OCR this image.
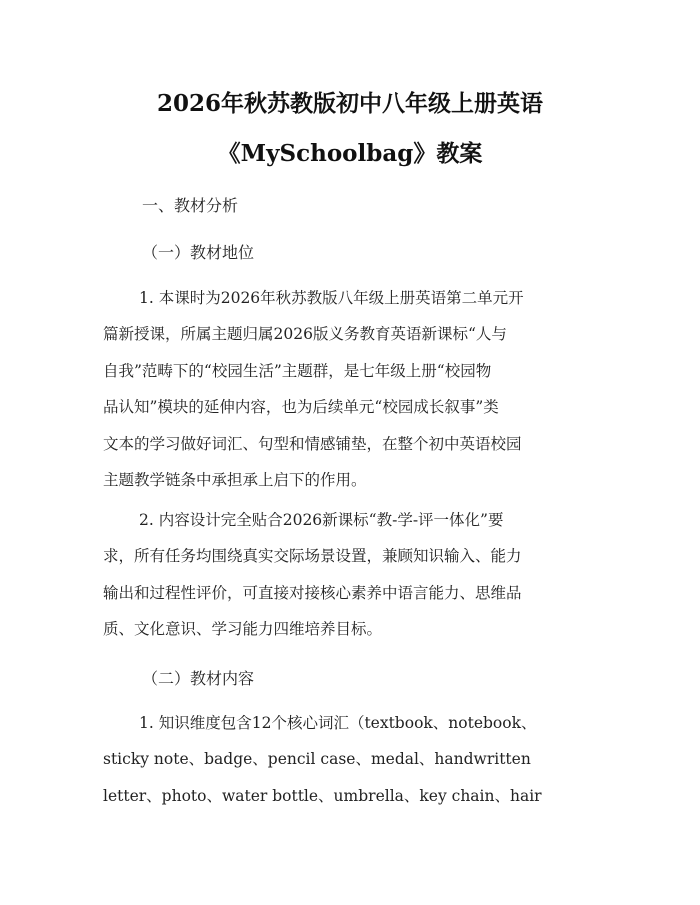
2026年秋苏教版初中八年级上册英语
《MySchoolbag》教案
一、教材分析
（一）教材地位
1. 本课时为2026年秋苏教版八年级上册英语第二单元开
篇新授课，所属主题归属2026版义务教育英语新课标“人与
自我”范畴下的“校园生活”主题群，是七年级上册“校园物
品认知”模块的延伸内容，也为后续单元“校园成长叙事”类
文本的学习做好词汇、句型和情感铺垫，在整个初中英语校园
主题教学链条中承担承上启下的作用。
2. 内容设计完全贴合2026新课标“教-学-评一体化”要
求，所有任务均围绕真实交际场景设置，兼顾知识输入、能力
输出和过程性评价，可直接对接核心素养中语言能力、思维品
质、文化意识、学习能力四维培养目标。
（二）教材内容
1. 知识维度包含12个核心词汇（textbook、notebook、
sticky note、badge、pencil case、medal、handwritten
letter、photo、water bottle、umbrella、key chain、hair
